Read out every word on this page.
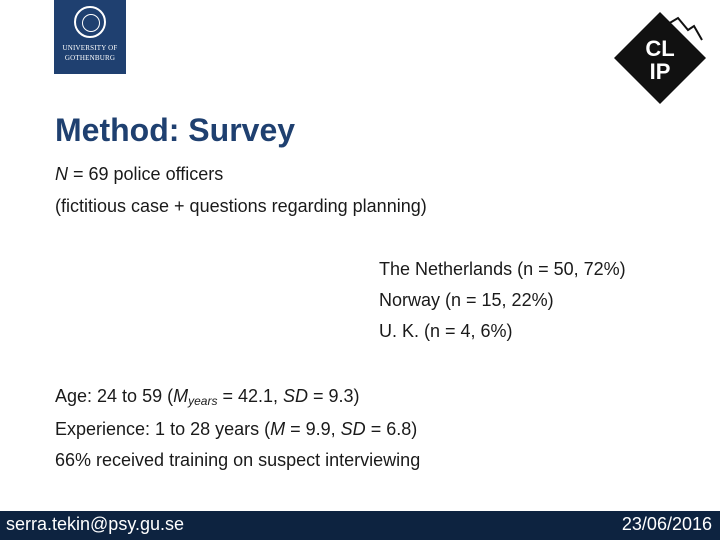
UNIVERSITY OF
GOTHENBURG	CL
IP
Method: Survey
N = 69 police officers
(fictitious case + questions regarding planning)
The Netherlands (n = 50, 72%)
Norway (n = 15, 22%)
U. K. (n = 4, 6%)
Age: 24 to 59 ($M_{years} = 42.1$, SD = 9.3)
Experience: 1 to 28 years (M = 9.9, SD = 6.8)
66% received training on suspect interviewing
serra.tekin@psy.gu.se	23/06/2016
